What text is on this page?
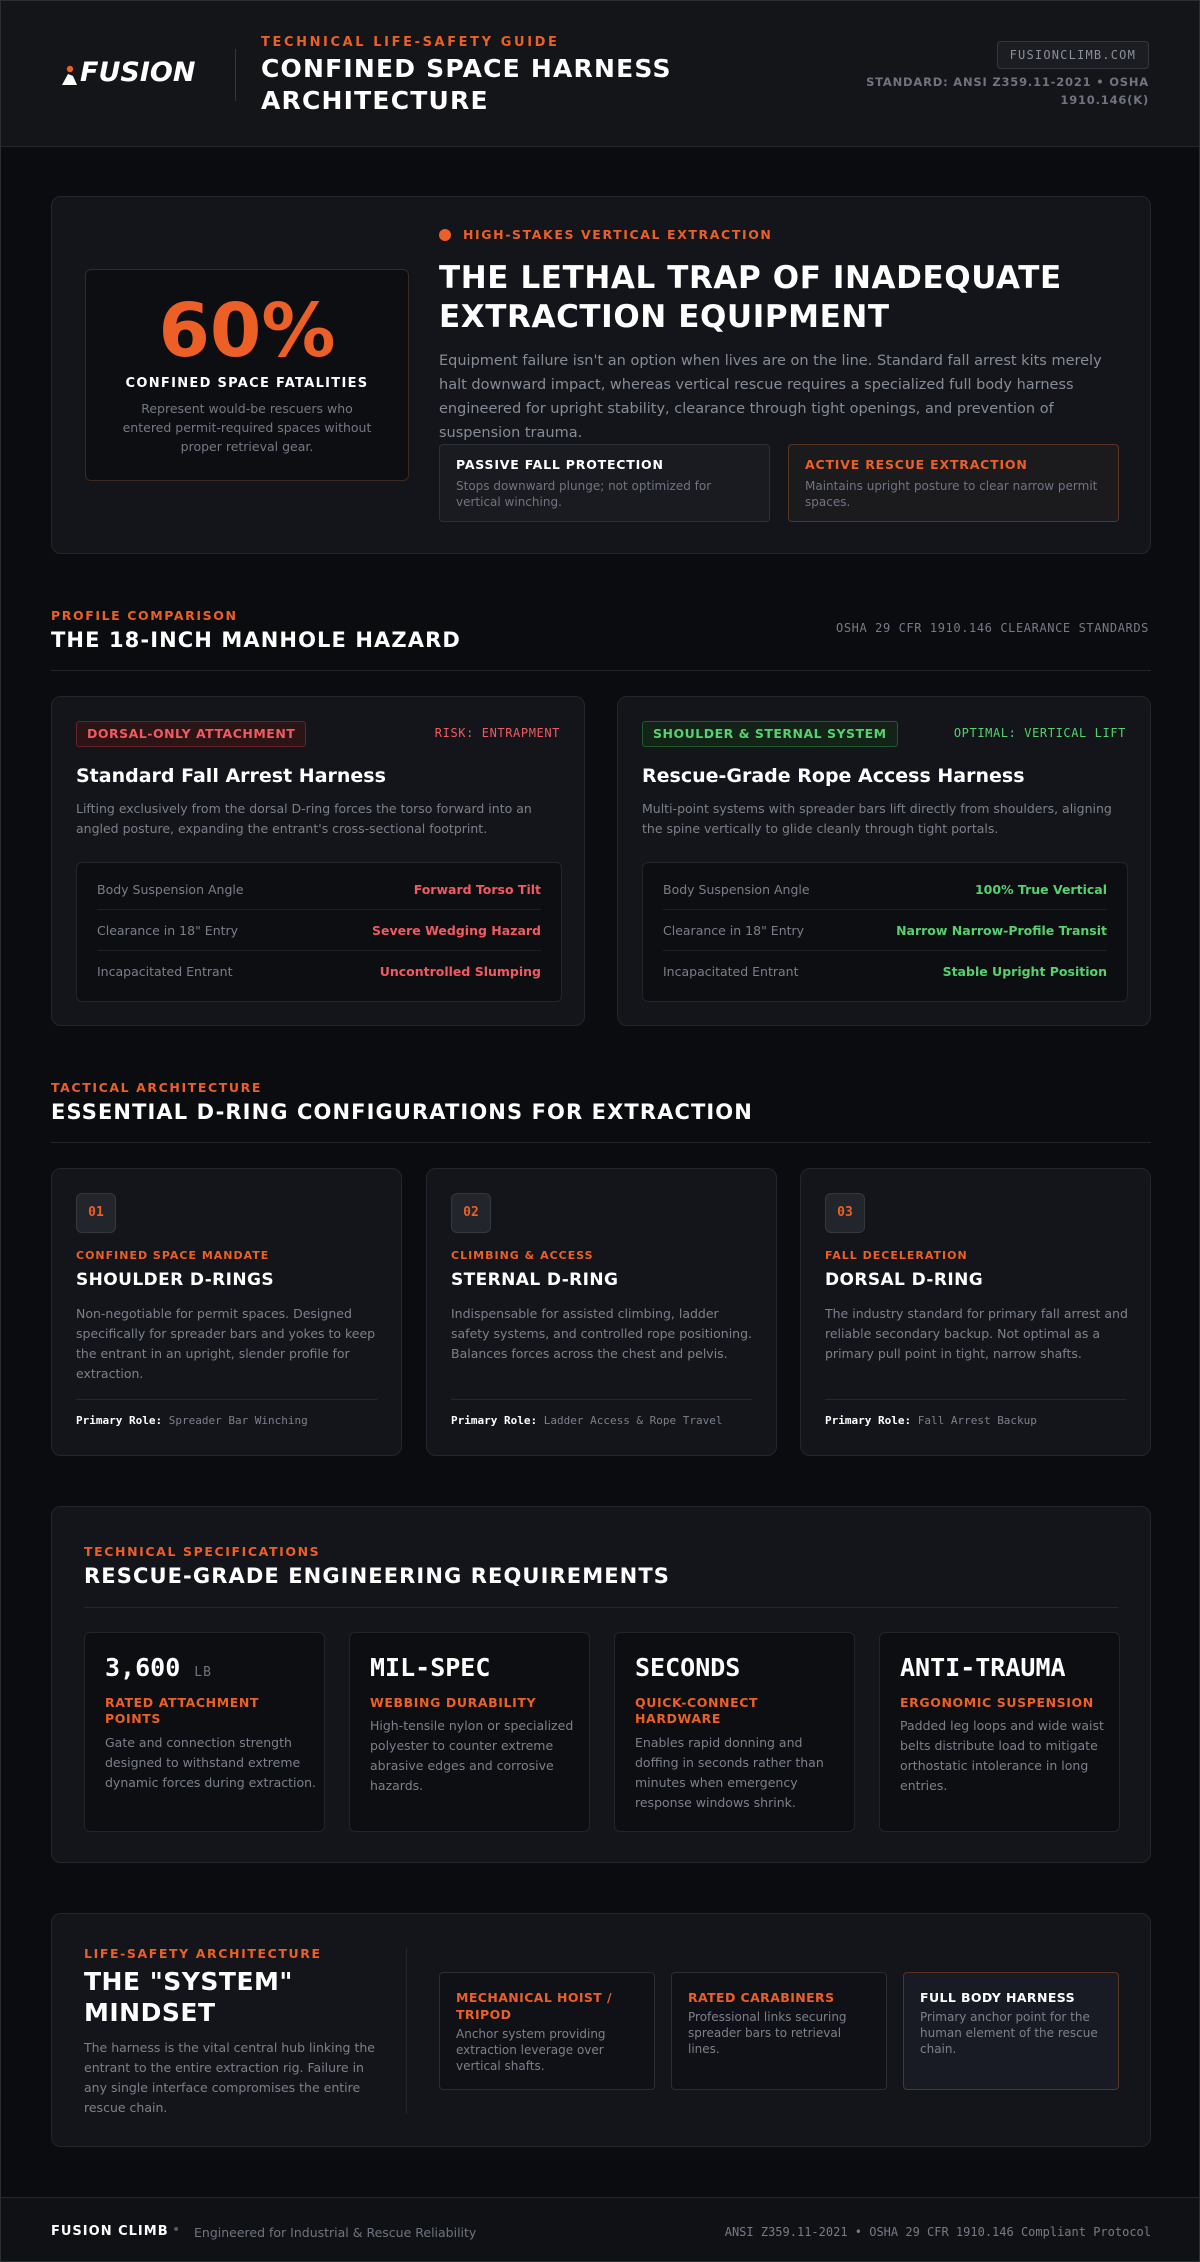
FUSION
TECHNICAL LIFE-SAFETY GUIDE
CONFINED SPACE HARNESS ARCHITECTURE
FUSIONCLIMB.COM
STANDARD: ANSI Z359.11-2021 • OSHA 1910.146(K)
60%
CONFINED SPACE FATALITIES
Represent would-be rescuers who entered permit-required spaces without proper retrieval gear.
HIGH-STAKES VERTICAL EXTRACTION
THE LETHAL TRAP OF INADEQUATE EXTRACTION EQUIPMENT
Equipment failure isn't an option when lives are on the line. Standard fall arrest kits merely halt downward impact, whereas vertical rescue requires a specialized full body harness engineered for upright stability, clearance through tight openings, and prevention of suspension trauma.
PASSIVE FALL PROTECTION
Stops downward plunge; not optimized for vertical winching.
ACTIVE RESCUE EXTRACTION
Maintains upright posture to clear narrow permit spaces.
PROFILE COMPARISON
THE 18-INCH MANHOLE HAZARD	OSHA 29 CFR 1910.146 CLEARANCE STANDARDS
DORSAL-ONLY ATTACHMENT	RISK: ENTRAPMENT
Standard Fall Arrest Harness
Lifting exclusively from the dorsal D-ring forces the torso forward into an angled posture, expanding the entrant's cross-sectional footprint.
Body Suspension Angle	Forward Torso Tilt
Clearance in 18" Entry	Severe Wedging Hazard
Incapacitated Entrant	Uncontrolled Slumping
SHOULDER & STERNAL SYSTEM	OPTIMAL: VERTICAL LIFT
Rescue-Grade Rope Access Harness
Multi-point systems with spreader bars lift directly from shoulders, aligning the spine vertically to glide cleanly through tight portals.
Body Suspension Angle	100% True Vertical
Clearance in 18" Entry	Narrow Narrow-Profile Transit
Incapacitated Entrant	Stable Upright Position
TACTICAL ARCHITECTURE
ESSENTIAL D-RING CONFIGURATIONS FOR EXTRACTION
01
CONFINED SPACE MANDATE
SHOULDER D-RINGS
Non-negotiable for permit spaces. Designed specifically for spreader bars and yokes to keep the entrant in an upright, slender profile for extraction.
Primary Role: Spreader Bar Winching
02
CLIMBING & ACCESS
STERNAL D-RING
Indispensable for assisted climbing, ladder safety systems, and controlled rope positioning. Balances forces across the chest and pelvis.
Primary Role: Ladder Access & Rope Travel
03
FALL DECELERATION
DORSAL D-RING
The industry standard for primary fall arrest and reliable secondary backup. Not optimal as a primary pull point in tight, narrow shafts.
Primary Role: Fall Arrest Backup
TECHNICAL SPECIFICATIONS
RESCUE-GRADE ENGINEERING REQUIREMENTS
3,600 LB
RATED ATTACHMENT POINTS
Gate and connection strength designed to withstand extreme dynamic forces during extraction.
MIL-SPEC
WEBBING DURABILITY
High-tensile nylon or specialized polyester to counter extreme abrasive edges and corrosive hazards.
SECONDS
QUICK-CONNECT HARDWARE
Enables rapid donning and doffing in seconds rather than minutes when emergency response windows shrink.
ANTI-TRAUMA
ERGONOMIC SUSPENSION
Padded leg loops and wide waist belts distribute load to mitigate orthostatic intolerance in long entries.
LIFE-SAFETY ARCHITECTURE
THE "SYSTEM" MINDSET
The harness is the vital central hub linking the entrant to the entire extraction rig. Failure in any single interface compromises the entire rescue chain.
MECHANICAL HOIST / TRIPOD
Anchor system providing extraction leverage over vertical shafts.
RATED CARABINERS
Professional links securing spreader bars to retrieval lines.
FULL BODY HARNESS
Primary anchor point for the human element of the rescue chain.
FUSION CLIMB • Engineered for Industrial & Rescue Reliability	ANSI Z359.11-2021 • OSHA 29 CFR 1910.146 Compliant Protocol
